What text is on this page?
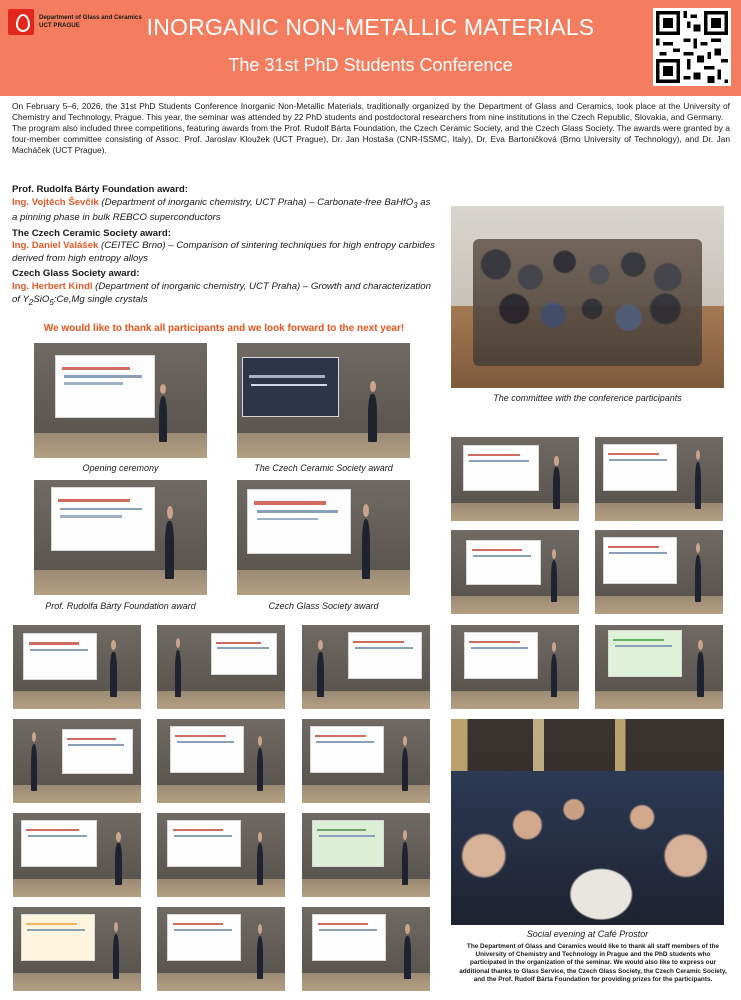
Department of Glass and Ceramics
UCT PRAGUE	INORGANIC NON-METALLIC MATERIALS
The 31st PhD Students Conference

On February 5–6, 2026, the 31st PhD Students Conference Inorganic Non-Metallic Materials, traditionally organized by the Department of Glass and Ceramics, took place at the University of Chemistry and Technology, Prague. This year, the seminar was attended by 22 PhD students and postdoctoral researchers from nine institutions in the Czech Republic, Slovakia, and Germany.

The program also included three competitions, featuring awards from the Prof. Rudolf Bárta Foundation, the Czech Ceramic Society, and the Czech Glass Society. The awards were granted by a four-member committee consisting of Assoc. Prof. Jaroslav Kloužek (UCT Prague), Dr. Jan Hostaša (CNR-ISSMC, Italy), Dr. Eva Bartoničková (Brno University of Technology), and Dr. Jan Macháček (UCT Prague).

Prof. Rudolfa Bárty Foundation award:
Ing. Vojtěch Ševčík (Department of inorganic chemistry, UCT Praha) – Carbonate-free BaHfO$_3$ as a pinning phase in bulk REBCO superconductors
The Czech Ceramic Society award:
Ing. Daniel Valášek (CEITEC Brno) – Comparison of sintering techniques for high entropy carbides derived from high entropy alloys
Czech Glass Society award:
Ing. Herbert Kindl (Department of inorganic chemistry, UCT Praha) – Growth and characterization of $Y_2SiO_5:Ce,Mg$ single crystals
We would like to thank all participants and we look forward to the next year!
The committee with the conference participants
Opening ceremony	The Czech Ceramic Society award
Prof. Rudolfa Bárty Foundation award	Czech Glass Society award
Social evening at Café Prostor
The Department of Glass and Ceramics would like to thank all staff members of the University of Chemistry and Technology in Prague and the PhD students who participated in the organization of the seminar. We would also like to express our additional thanks to Glass Service, the Czech Glass Society, the Czech Ceramic Society, and the Prof. Rudolf Bárta Foundation for providing prizes for the participants.
